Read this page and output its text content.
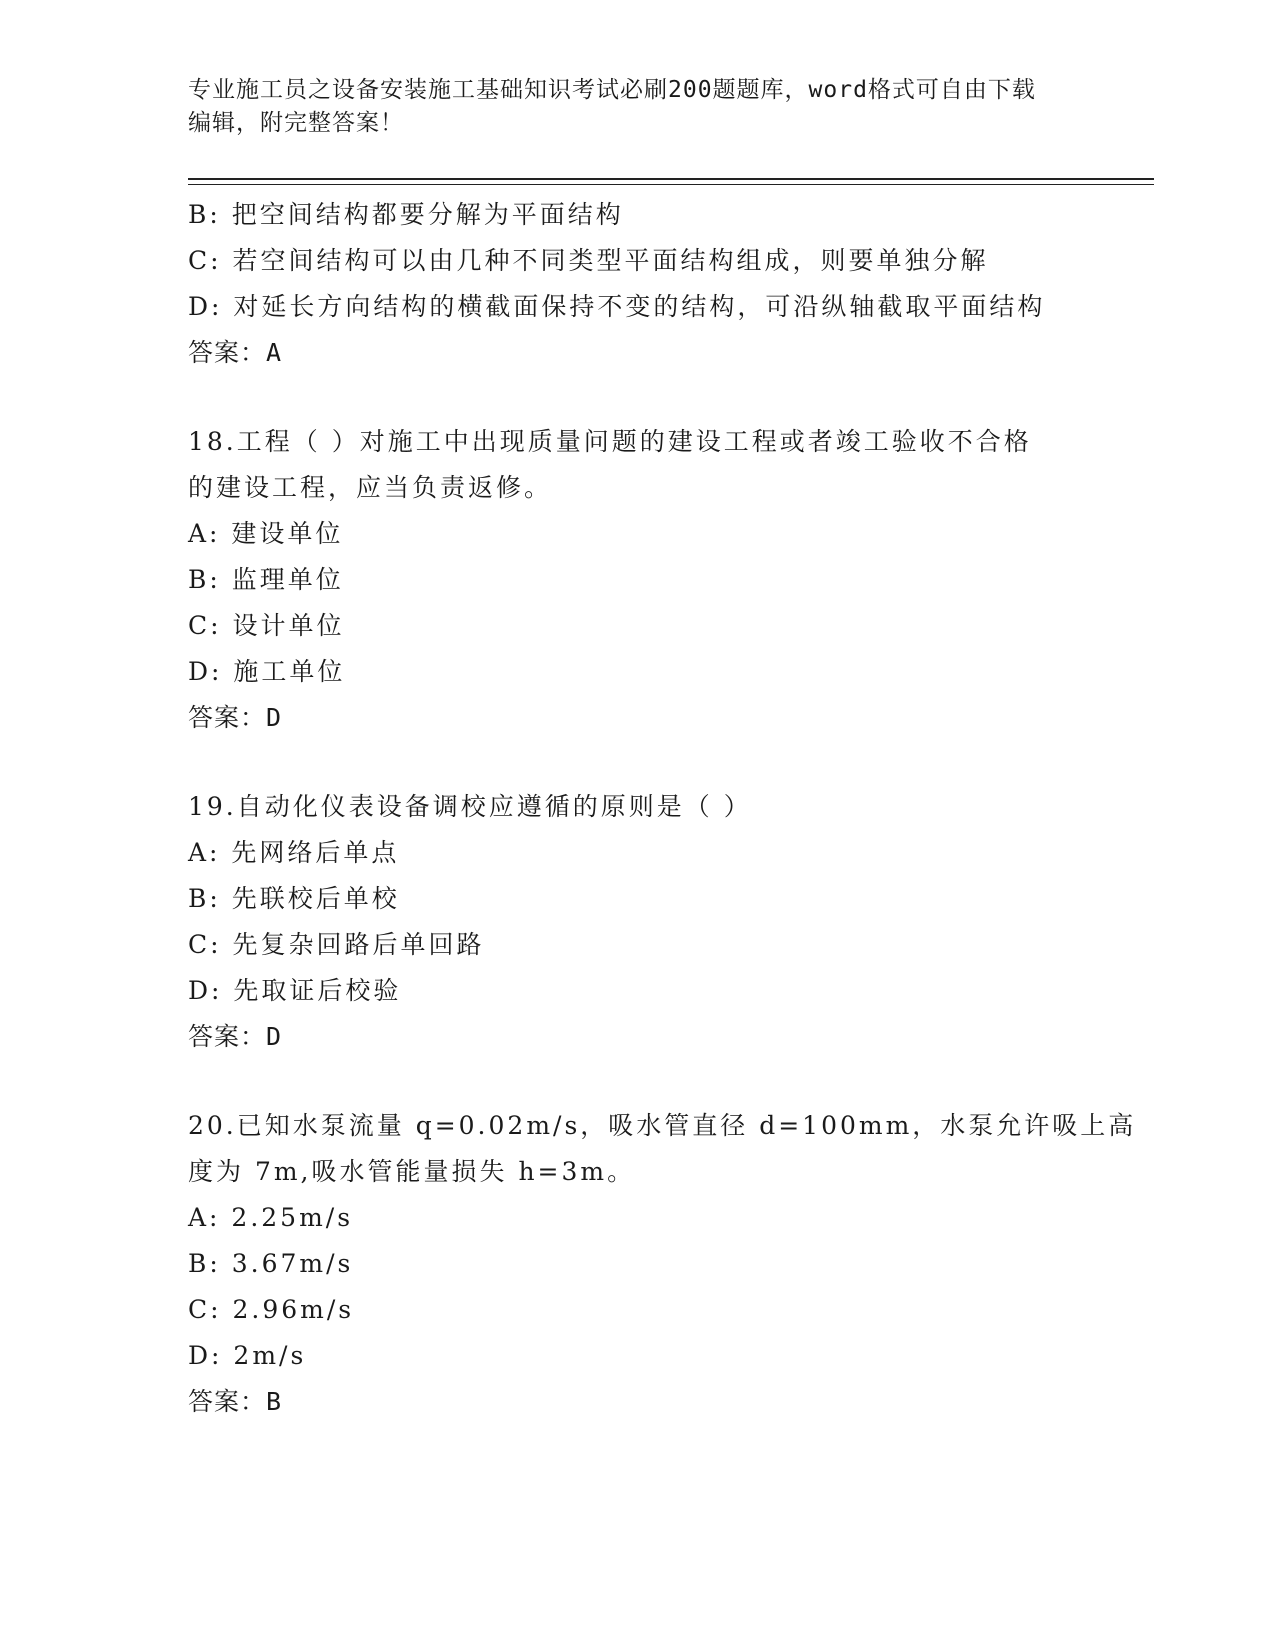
专业施工员之设备安装施工基础知识考试必刷200题题库，word格式可自由下载
编辑，附完整答案！
B: 把空间结构都要分解为平面结构
C: 若空间结构可以由几种不同类型平面结构组成，则要单独分解
D: 对延长方向结构的横截面保持不变的结构，可沿纵轴截取平面结构
答案：A
18.工程（ ）对施工中出现质量问题的建设工程或者竣工验收不合格
的建设工程，应当负责返修。
A: 建设单位
B: 监理单位
C: 设计单位
D: 施工单位
答案：D
19.自动化仪表设备调校应遵循的原则是（ ）
A: 先网络后单点
B: 先联校后单校
C: 先复杂回路后单回路
D: 先取证后校验
答案：D
20.已知水泵流量 q=0.02m/s，吸水管直径 d=100mm，水泵允许吸上高
度为 7m,吸水管能量损失 h=3m。
A: 2.25m/s
B: 3.67m/s
C: 2.96m/s
D: 2m/s
答案：B
